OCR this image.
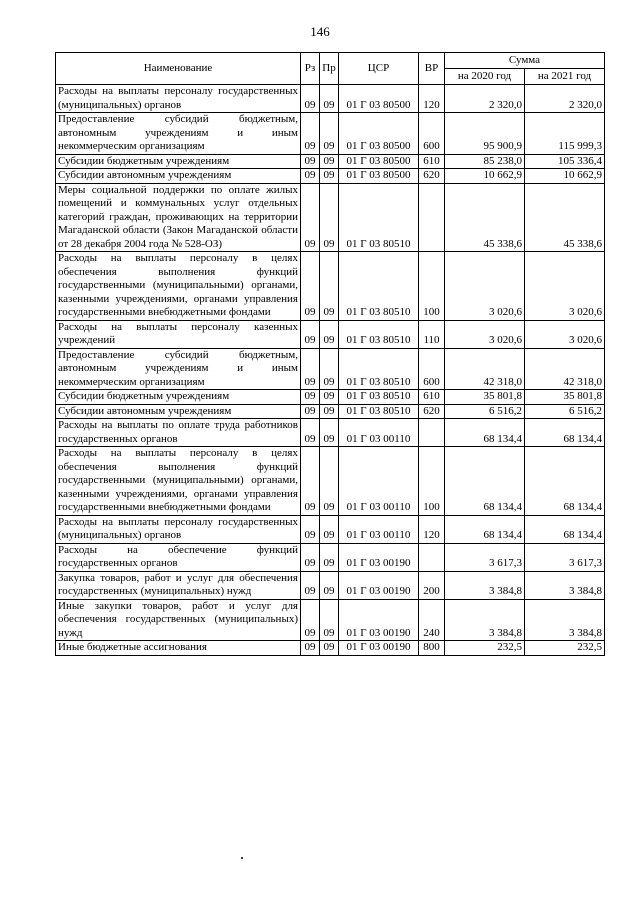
146
Наименование	Рз	Пр	ЦСР	ВР	Сумма	
					на 2020 год	на 2021 год
Расходы на выплаты персоналу государственных (муниципальных) органов	09	09	01 Г 03 80500	120	2 320,0	2 320,0
Предоставление субсидий бюджетным, автономным учреждениям и иным некоммерческим организациям	09	09	01 Г 03 80500	600	95 900,9	115 999,3
Субсидии бюджетным учреждениям	09	09	01 Г 03 80500	610	85 238,0	105 336,4
Субсидии автономным учреждениям	09	09	01 Г 03 80500	620	10 662,9	10 662,9
Меры социальной поддержки по оплате жилых помещений и коммунальных услуг отдельных категорий граждан, проживающих на территории Магаданской области (Закон Магаданской области от 28 декабря 2004 года № 528-ОЗ)	09	09	01 Г 03 80510		45 338,6	45 338,6
Расходы на выплаты персоналу в целях обеспечения выполнения функций государственными (муниципальными) органами, казенными учреждениями, органами управления государственными внебюджетными фондами	09	09	01 Г 03 80510	100	3 020,6	3 020,6
Расходы на выплаты персоналу казенных учреждений	09	09	01 Г 03 80510	110	3 020,6	3 020,6
Предоставление субсидий бюджетным, автономным учреждениям и иным некоммерческим организациям	09	09	01 Г 03 80510	600	42 318,0	42 318,0
Субсидии бюджетным учреждениям	09	09	01 Г 03 80510	610	35 801,8	35 801,8
Субсидии автономным учреждениям	09	09	01 Г 03 80510	620	6 516,2	6 516,2
Расходы на выплаты по оплате труда работников государственных органов	09	09	01 Г 03 00110		68 134,4	68 134,4
Расходы на выплаты персоналу в целях обеспечения выполнения функций государственными (муниципальными) органами, казенными учреждениями, органами управления государственными внебюджетными фондами	09	09	01 Г 03 00110	100	68 134,4	68 134,4
Расходы на выплаты персоналу государственных (муниципальных) органов	09	09	01 Г 03 00110	120	68 134,4	68 134,4
Расходы на обеспечение функций государственных органов	09	09	01 Г 03 00190		3 617,3	3 617,3
Закупка товаров, работ и услуг для обеспечения государственных (муниципальных) нужд	09	09	01 Г 03 00190	200	3 384,8	3 384,8
Иные закупки товаров, работ и услуг для обеспечения государственных (муниципальных) нужд	09	09	01 Г 03 00190	240	3 384,8	3 384,8
Иные бюджетные ассигнования	09	09	01 Г 03 00190	800	232,5	232,5
